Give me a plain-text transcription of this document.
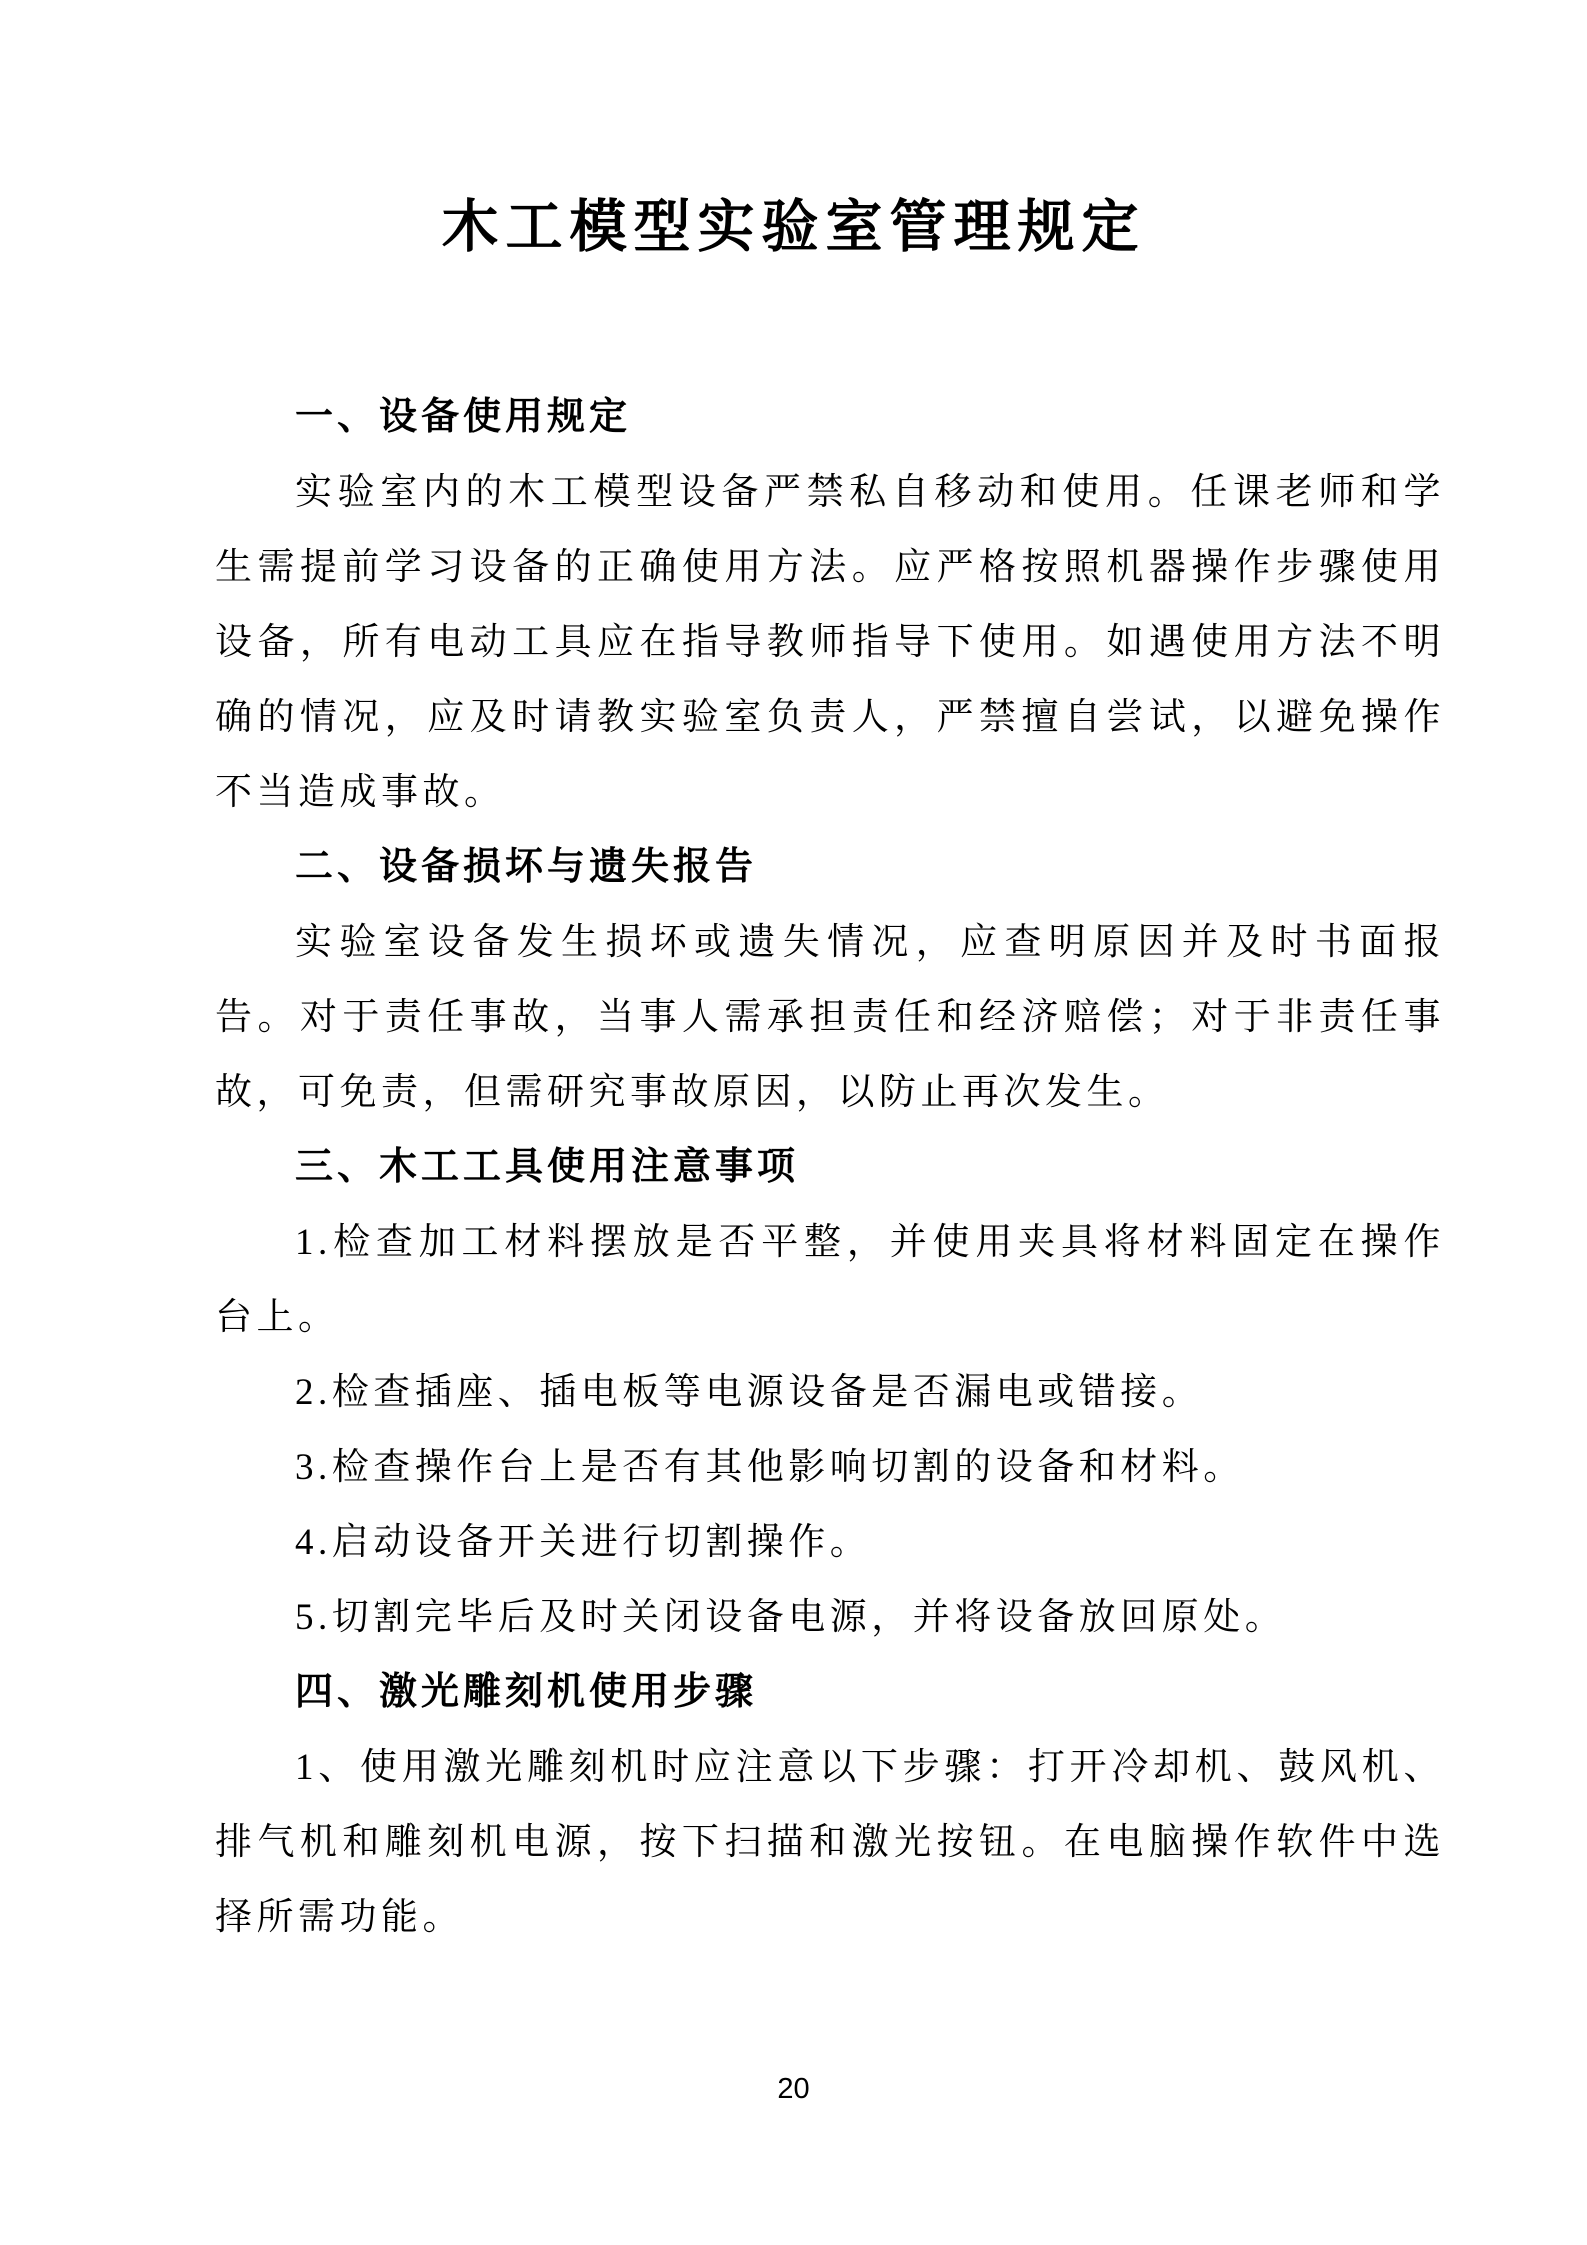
木工模型实验室管理规定
一、设备使用规定

实验室内的木工模型设备严禁私自移动和使用。任课老师和学生需提前学习设备的正确使用方法。应严格按照机器操作步骤使用设备，所有电动工具应在指导教师指导下使用。如遇使用方法不明确的情况，应及时请教实验室负责人，严禁擅自尝试，以避免操作不当造成事故。

二、设备损坏与遗失报告

实验室设备发生损坏或遗失情况，应查明原因并及时书面报告。对于责任事故，当事人需承担责任和经济赔偿；对于非责任事故，可免责，但需研究事故原因，以防止再次发生。

三、木工工具使用注意事项

1.检查加工材料摆放是否平整，并使用夹具将材料固定在操作台上。

2.检查插座、插电板等电源设备是否漏电或错接。

3.检查操作台上是否有其他影响切割的设备和材料。

4.启动设备开关进行切割操作。

5.切割完毕后及时关闭设备电源，并将设备放回原处。

四、激光雕刻机使用步骤

1、使用激光雕刻机时应注意以下步骤：打开冷却机、鼓风机、排气机和雕刻机电源，按下扫描和激光按钮。在电脑操作软件中选择所需功能。

20
